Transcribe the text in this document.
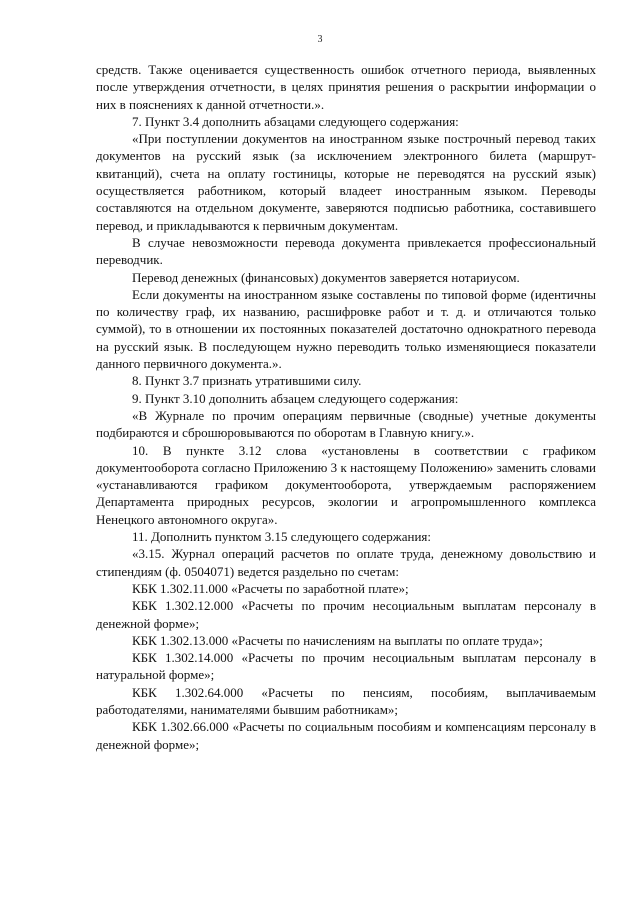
3

средств. Также оценивается существенность ошибок отчетного периода, выявленных после утверждения отчетности, в целях принятия решения о раскрытии информации о них в пояснениях к данной отчетности.».

7. Пункт 3.4 дополнить абзацами следующего содержания:

«При поступлении документов на иностранном языке построчный перевод таких документов на русский язык (за исключением электронного билета (маршрут-квитанций), счета на оплату гостиницы, которые не переводятся на русский язык) осуществляется работником, который владеет иностранным языком. Переводы составляются на отдельном документе, заверяются подписью работника, составившего перевод, и прикладываются к первичным документам.

В случае невозможности перевода документа привлекается профессиональный переводчик.

Перевод денежных (финансовых) документов заверяется нотариусом.

Если документы на иностранном языке составлены по типовой форме (идентичны по количеству граф, их названию, расшифровке работ и т. д. и отличаются только суммой), то в отношении их постоянных показателей достаточно однократного перевода на русский язык. В последующем нужно переводить только изменяющиеся показатели данного первичного документа.».

8. Пункт 3.7 признать утратившими силу.

9. Пункт 3.10 дополнить абзацем следующего содержания:

«В Журнале по прочим операциям первичные (сводные) учетные документы подбираются и сброшюровываются по оборотам в Главную книгу.».

10. В пункте 3.12 слова «установлены в соответствии с графиком документооборота согласно Приложению 3 к настоящему Положению» заменить словами «устанавливаются графиком документооборота, утверждаемым распоряжением Департамента природных ресурсов, экологии и агропромышленного комплекса Ненецкого автономного округа».

11. Дополнить пунктом 3.15 следующего содержания:

«3.15. Журнал операций расчетов по оплате труда, денежному довольствию и стипендиям (ф. 0504071) ведется раздельно по счетам:

КБК 1.302.11.000 «Расчеты по заработной плате»;

КБК 1.302.12.000 «Расчеты по прочим несоциальным выплатам персоналу в денежной форме»;

КБК 1.302.13.000 «Расчеты по начислениям на выплаты по оплате труда»;

КБК 1.302.14.000 «Расчеты по прочим несоциальным выплатам персоналу в натуральной форме»;

КБК 1.302.64.000 «Расчеты по пенсиям, пособиям, выплачиваемым работодателями, нанимателями бывшим работникам»;

КБК 1.302.66.000 «Расчеты по социальным пособиям и компенсациям персоналу в денежной форме»;
